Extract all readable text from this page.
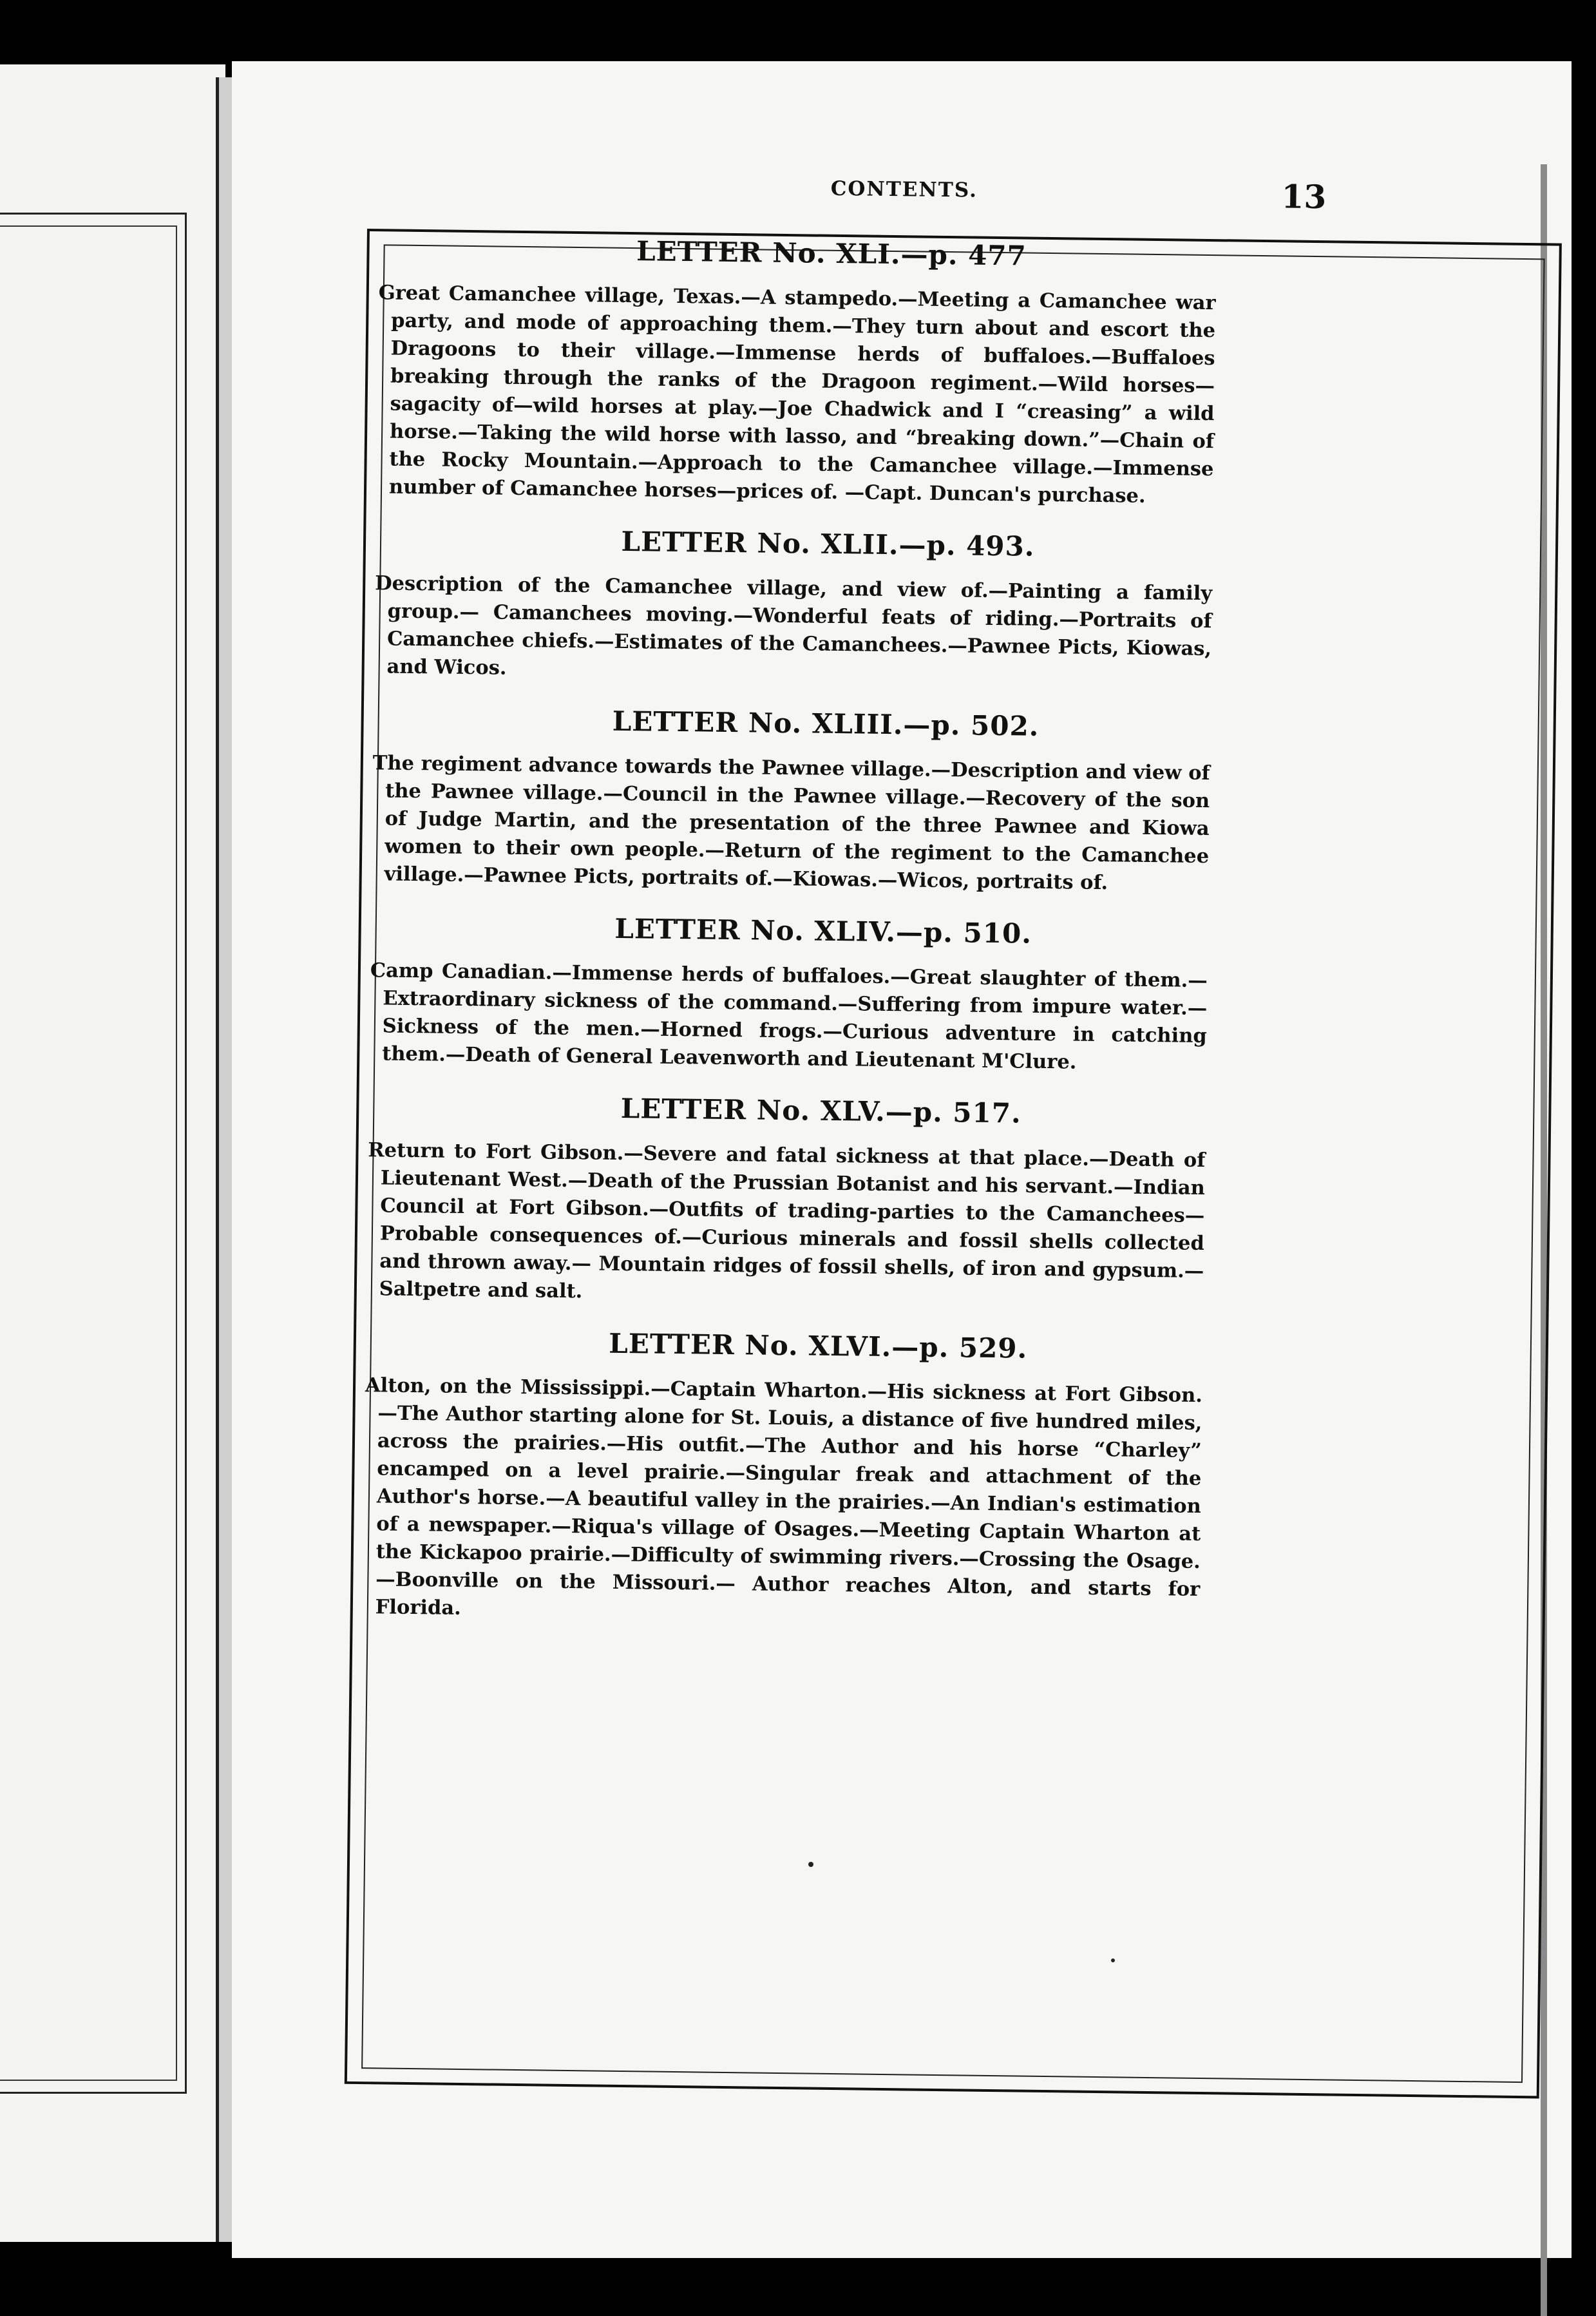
CONTENTS.	13
LETTER No. XLI.—p. 477

Great Camanchee village, Texas.—A stampedo.—Meeting a Camanchee war party, and mode of approaching them.—They turn about and escort the Dragoons to their village.—Immense herds of buffaloes.—Buffaloes breaking through the ranks of the Dragoon regiment.—Wild horses—sagacity of—wild horses at play.—Joe Chadwick and I “creasing” a wild horse.—Taking the wild horse with lasso, and “breaking down.”—Chain of the Rocky Mountain.—Approach to the Camanchee village.—Immense number of Camanchee horses—prices of. —Capt. Duncan's purchase.

LETTER No. XLII.—p. 493.

Description of the Camanchee village, and view of.—Painting a family group.— Camanchees moving.—Wonderful feats of riding.—Portraits of Camanchee chiefs.—Estimates of the Camanchees.—Pawnee Picts, Kiowas, and Wicos.

LETTER No. XLIII.—p. 502.

The regiment advance towards the Pawnee village.—Description and view of the Pawnee village.—Council in the Pawnee village.—Recovery of the son of Judge Martin, and the presentation of the three Pawnee and Kiowa women to their own people.—Return of the regiment to the Camanchee village.—Pawnee Picts, portraits of.—Kiowas.—Wicos, portraits of.

LETTER No. XLIV.—p. 510.

Camp Canadian.—Immense herds of buffaloes.—Great slaughter of them.—Extraordinary sickness of the command.—Suffering from impure water.—Sickness of the men.—Horned frogs.—Curious adventure in catching them.—Death of General Leavenworth and Lieutenant M'Clure.

LETTER No. XLV.—p. 517.

Return to Fort Gibson.—Severe and fatal sickness at that place.—Death of Lieutenant West.—Death of the Prussian Botanist and his servant.—Indian Council at Fort Gibson.—Outfits of trading-parties to the Camanchees—Probable consequences of.—Curious minerals and fossil shells collected and thrown away.— Mountain ridges of fossil shells, of iron and gypsum.—Saltpetre and salt.

LETTER No. XLVI.—p. 529.

Alton, on the Mississippi.—Captain Wharton.—His sickness at Fort Gibson.—The Author starting alone for St. Louis, a distance of five hundred miles, across the prairies.—His outfit.—The Author and his horse “Charley” encamped on a level prairie.—Singular freak and attachment of the Author's horse.—A beautiful valley in the prairies.—An Indian's estimation of a newspaper.—Riqua's village of Osages.—Meeting Captain Wharton at the Kickapoo prairie.—Difficulty of swimming rivers.—Crossing the Osage.—Boonville on the Missouri.— Author reaches Alton, and starts for Florida.
